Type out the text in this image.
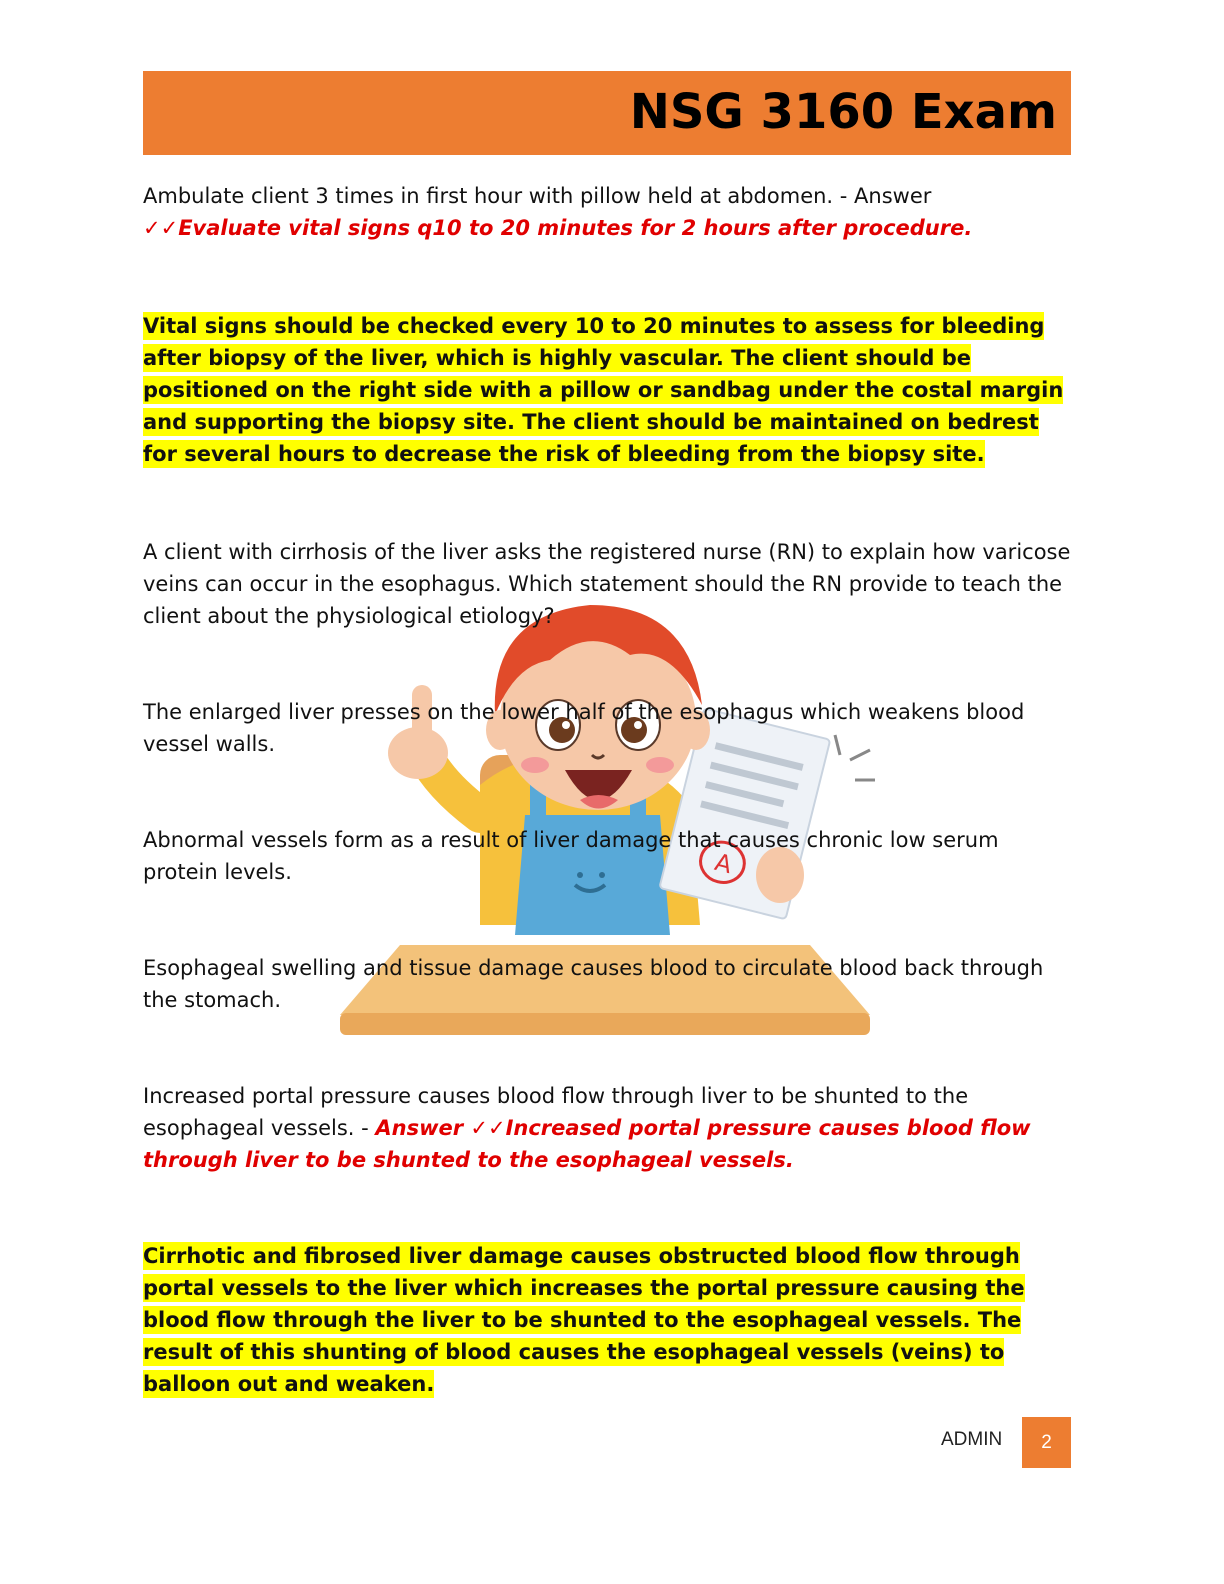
NSG 3160 Exam
A

Ambulate client 3 times in first hour with pillow held at abdomen. - Answer
✓✓Evaluate vital signs q10 to 20 minutes for 2 hours after procedure.

Vital signs should be checked every 10 to 20 minutes to assess for bleeding after biopsy of the liver, which is highly vascular. The client should be positioned on the right side with a pillow or sandbag under the costal margin and supporting the biopsy site. The client should be maintained on bedrest for several hours to decrease the risk of bleeding from the biopsy site.

A client with cirrhosis of the liver asks the registered nurse (RN) to explain how varicose veins can occur in the esophagus. Which statement should the RN provide to teach the client about the physiological etiology?

The enlarged liver presses on the lower half of the esophagus which weakens blood vessel walls.

Abnormal vessels form as a result of liver damage that causes chronic low serum protein levels.

Esophageal swelling and tissue damage causes blood to circulate blood back through the stomach.

Increased portal pressure causes blood flow through liver to be shunted to the esophageal vessels. - Answer ✓✓Increased portal pressure causes blood flow through liver to be shunted to the esophageal vessels.

Cirrhotic and fibrosed liver damage causes obstructed blood flow through portal vessels to the liver which increases the portal pressure causing the blood flow through the liver to be shunted to the esophageal vessels. The result of this shunting of blood causes the esophageal vessels (veins) to balloon out and weaken.

ADMIN	2
